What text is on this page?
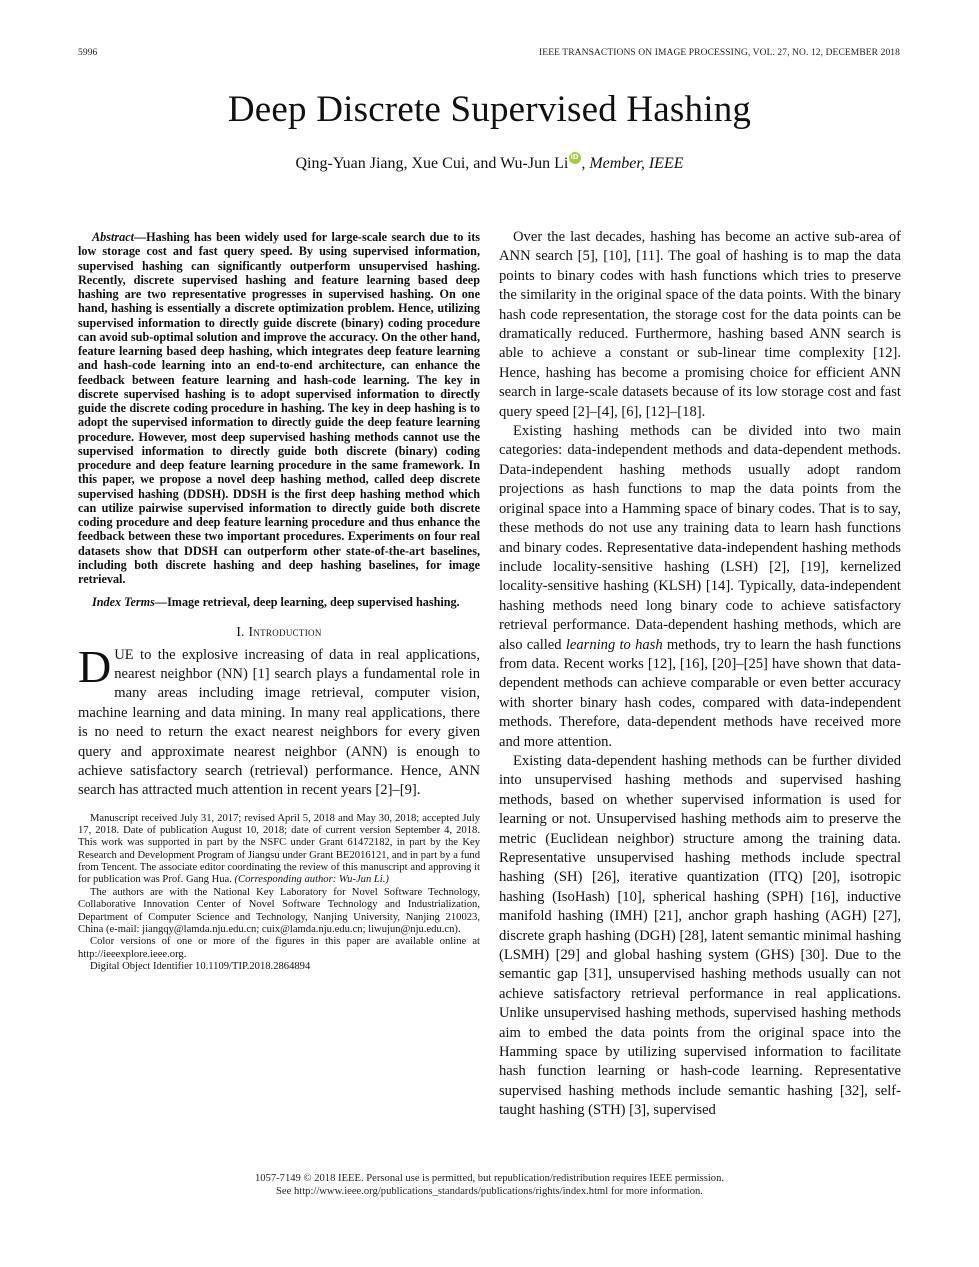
5996	IEEE TRANSACTIONS ON IMAGE PROCESSING, VOL. 27, NO. 12, DECEMBER 2018
Deep Discrete Supervised Hashing
Qing-Yuan Jiang, Xue Cui, and Wu-Jun LiiD , Member, IEEE

Abstract—Hashing has been widely used for large-scale search due to its low storage cost and fast query speed. By using supervised information, supervised hashing can significantly outperform unsupervised hashing. Recently, discrete supervised hashing and feature learning based deep hashing are two representative progresses in supervised hashing. On one hand, hashing is essentially a discrete optimization problem. Hence, utilizing supervised information to directly guide discrete (binary) coding procedure can avoid sub-optimal solution and improve the accuracy. On the other hand, feature learning based deep hashing, which integrates deep feature learning and hash-code learning into an end-to-end architecture, can enhance the feedback between feature learning and hash-code learning. The key in discrete supervised hashing is to adopt supervised information to directly guide the discrete coding procedure in hashing. The key in deep hashing is to adopt the supervised information to directly guide the deep feature learning procedure. However, most deep supervised hashing methods cannot use the supervised information to directly guide both discrete (binary) coding procedure and deep feature learning procedure in the same framework. In this paper, we propose a novel deep hashing method, called deep discrete supervised hashing (DDSH). DDSH is the first deep hashing method which can utilize pairwise supervised information to directly guide both discrete coding procedure and deep feature learning procedure and thus enhance the feedback between these two important procedures. Experiments on four real datasets show that DDSH can outperform other state-of-the-art baselines, including both discrete hashing and deep hashing baselines, for image retrieval.

Index Terms—Image retrieval, deep learning, deep supervised hashing.

I. Introduction

DUE to the explosive increasing of data in real applications, nearest neighbor (NN) [1] search plays a fundamental role in many areas including image retrieval, computer vision, machine learning and data mining. In many real applications, there is no need to return the exact nearest neighbors for every given query and approximate nearest neighbor (ANN) is enough to achieve satisfactory search (retrieval) performance. Hence, ANN search has attracted much attention in recent years [2]–[9].

Manuscript received July 31, 2017; revised April 5, 2018 and May 30, 2018; accepted July 17, 2018. Date of publication August 10, 2018; date of current version September 4, 2018. This work was supported in part by the NSFC under Grant 61472182, in part by the Key Research and Development Program of Jiangsu under Grant BE2016121, and in part by a fund from Tencent. The associate editor coordinating the review of this manuscript and approving it for publication was Prof. Gang Hua. (Corresponding author: Wu-Jun Li.)

The authors are with the National Key Laboratory for Novel Software Technology, Collaborative Innovation Center of Novel Software Technology and Industrialization, Department of Computer Science and Technology, Nanjing University, Nanjing 210023, China (e-mail: jiangqy@lamda.nju.edu.cn; cuix@lamda.nju.edu.cn; liwujun@nju.edu.cn).

Color versions of one or more of the figures in this paper are available online at http://ieeexplore.ieee.org.

Digital Object Identifier 10.1109/TIP.2018.2864894

Over the last decades, hashing has become an active sub-area of ANN search [5], [10], [11]. The goal of hashing is to map the data points to binary codes with hash functions which tries to preserve the similarity in the original space of the data points. With the binary hash code representation, the storage cost for the data points can be dramatically reduced. Furthermore, hashing based ANN search is able to achieve a constant or sub-linear time complexity [12]. Hence, hashing has become a promising choice for efficient ANN search in large-scale datasets because of its low storage cost and fast query speed [2]–[4], [6], [12]–[18].

Existing hashing methods can be divided into two main categories: data-independent methods and data-dependent methods. Data-independent hashing methods usually adopt random projections as hash functions to map the data points from the original space into a Hamming space of binary codes. That is to say, these methods do not use any training data to learn hash functions and binary codes. Representative data-independent hashing methods include locality-sensitive hashing (LSH) [2], [19], kernelized locality-sensitive hashing (KLSH) [14]. Typically, data-independent hashing methods need long binary code to achieve satisfactory retrieval performance. Data-dependent hashing methods, which are also called learning to hash methods, try to learn the hash functions from data. Recent works [12], [16], [20]–[25] have shown that data-dependent methods can achieve comparable or even better accuracy with shorter binary hash codes, compared with data-independent methods. Therefore, data-dependent methods have received more and more attention.

Existing data-dependent hashing methods can be further divided into unsupervised hashing methods and supervised hashing methods, based on whether supervised information is used for learning or not. Unsupervised hashing methods aim to preserve the metric (Euclidean neighbor) structure among the training data. Representative unsupervised hashing methods include spectral hashing (SH) [26], iterative quantization (ITQ) [20], isotropic hashing (IsoHash) [10], spherical hashing (SPH) [16], inductive manifold hashing (IMH) [21], anchor graph hashing (AGH) [27], discrete graph hashing (DGH) [28], latent semantic minimal hashing (LSMH) [29] and global hashing system (GHS) [30]. Due to the semantic gap [31], unsupervised hashing methods usually can not achieve satisfactory retrieval performance in real applications. Unlike unsupervised hashing methods, supervised hashing methods aim to embed the data points from the original space into the Hamming space by utilizing supervised information to facilitate hash function learning or hash-code learning. Representative supervised hashing methods include semantic hashing [32], self-taught hashing (STH) [3], supervised

1057-7149 © 2018 IEEE. Personal use is permitted, but republication/redistribution requires IEEE permission.
See http://www.ieee.org/publications_standards/publications/rights/index.html for more information.
